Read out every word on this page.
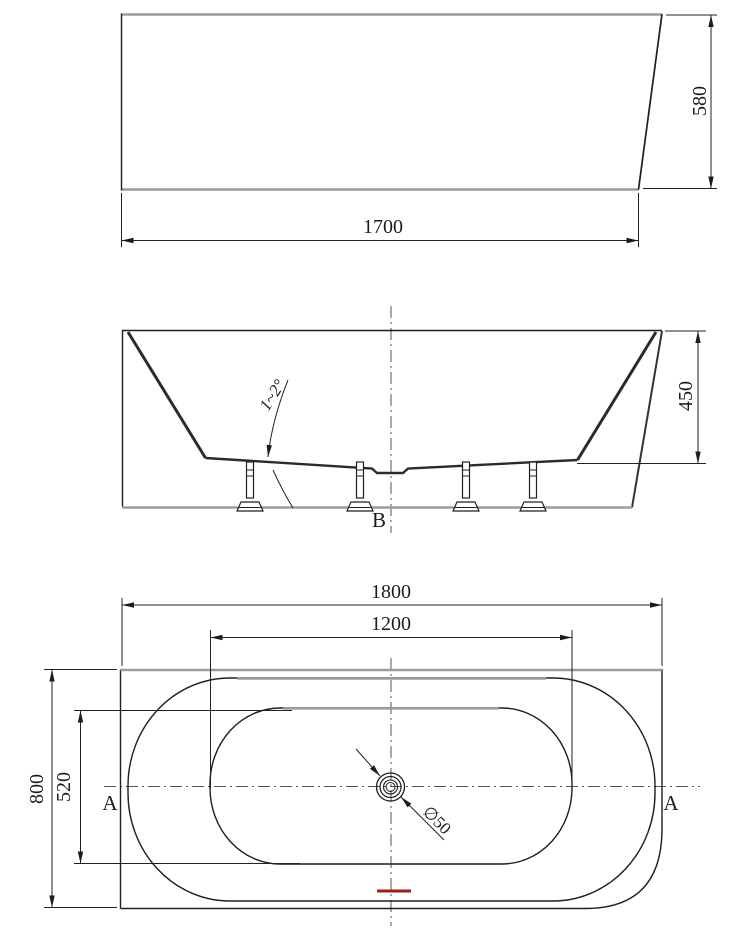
1700
580
450
1~2°
B
∅50
1800
1200
800 520
A	A
